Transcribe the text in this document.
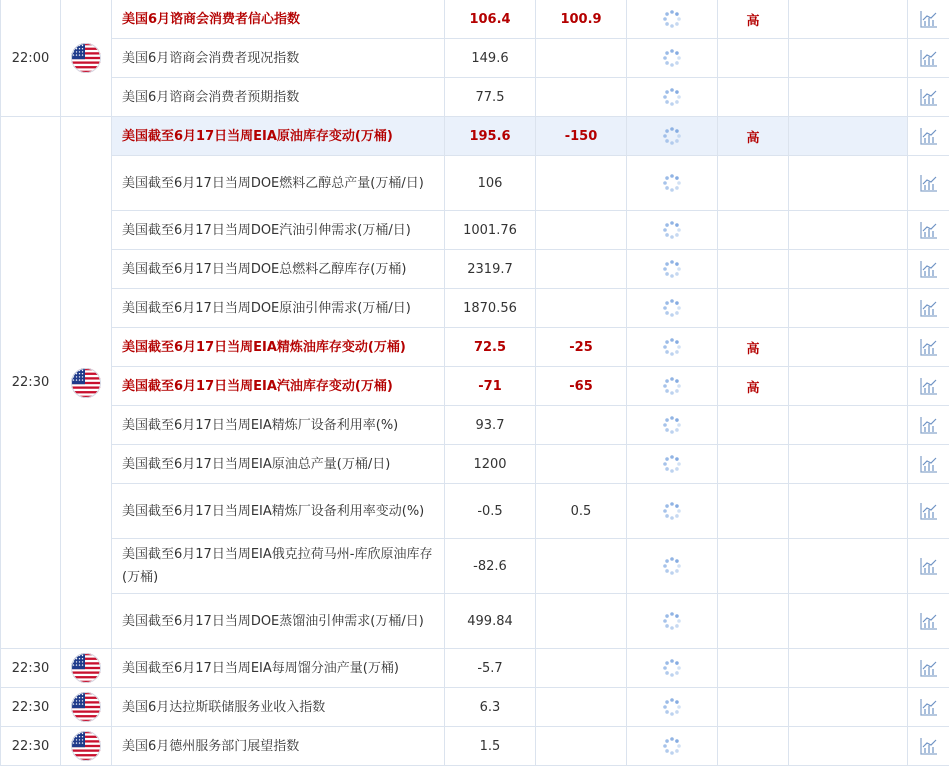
22:00		美国6月谘商会消费者信心指数	106.4	100.9		高		
		美国6月谘商会消费者现况指数	149.6					
		美国6月谘商会消费者预期指数	77.5					
22:30		美国截至6月17日当周EIA原油库存变动(万桶)	195.6	-150		高		
		美国截至6月17日当周DOE燃料乙醇总产量(万桶/日)	106					
		美国截至6月17日当周DOE汽油引伸需求(万桶/日)	1001.76					
		美国截至6月17日当周DOE总燃料乙醇库存(万桶)	2319.7					
		美国截至6月17日当周DOE原油引伸需求(万桶/日)	1870.56					
		美国截至6月17日当周EIA精炼油库存变动(万桶)	72.5	-25		高		
		美国截至6月17日当周EIA汽油库存变动(万桶)	-71	-65		高		
		美国截至6月17日当周EIA精炼厂设备利用率(%)	93.7					
		美国截至6月17日当周EIA原油总产量(万桶/日)	1200					
		美国截至6月17日当周EIA精炼厂设备利用率变动(%)	-0.5	0.5				
		美国截至6月17日当周EIA俄克拉荷马州-库欣原油库存(万桶)	-82.6					
		美国截至6月17日当周DOE蒸馏油引伸需求(万桶/日)	499.84					
22:30		美国截至6月17日当周EIA每周馏分油产量(万桶)	-5.7					
22:30		美国6月达拉斯联储服务业收入指数	6.3					
22:30		美国6月德州服务部门展望指数	1.5					
